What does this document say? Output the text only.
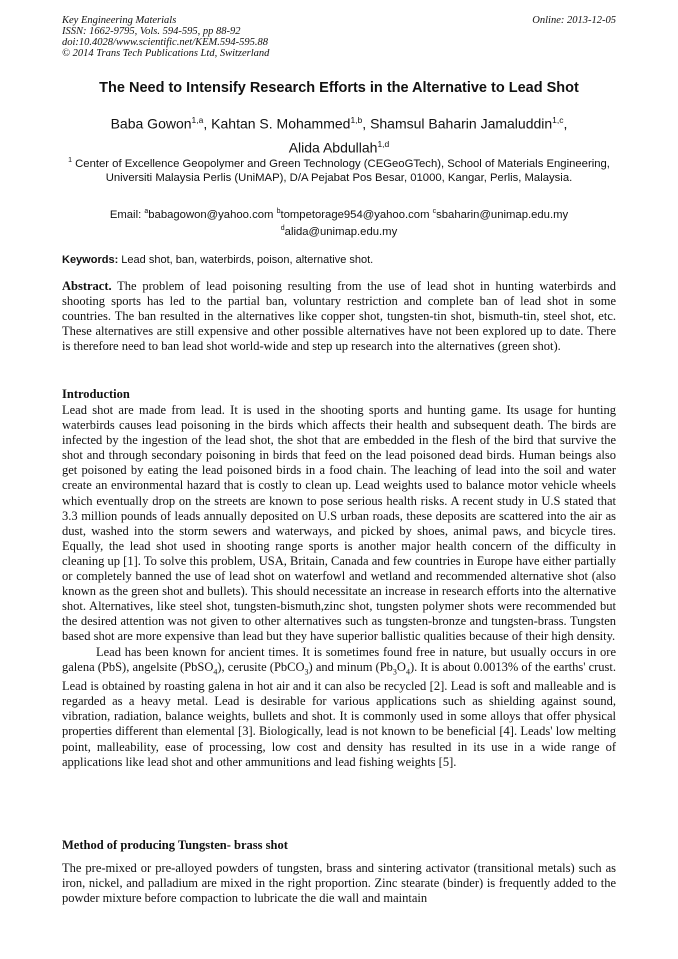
Key Engineering Materials
ISSN: 1662-9795, Vols. 594-595, pp 88-92
doi:10.4028/www.scientific.net/KEM.594-595.88
© 2014 Trans Tech Publications Ltd, Switzerland
Online: 2013-12-05
The Need to Intensify Research Efforts in the Alternative to Lead Shot
Baba Gowon$^{1,a}$, Kahtan S. Mohammed$^{1,b}$, Shamsul Baharin Jamaluddin$^{1,c}$,
Alida Abdullah$^{1,d}$
$^1$ Center of Excellence Geopolymer and Green Technology (CEGeoGTech), School of Materials Engineering, Universiti Malaysia Perlis (UniMAP), D/A Pejabat Pos Besar, 01000, Kangar, Perlis, Malaysia.
Email: $^a$babagowon@yahoo.com $^b$tompetorage954@yahoo.com $^c$sbaharin@unimap.edu.my
$^d$alida@unimap.edu.my
Keywords: Lead shot, ban, waterbirds, poison, alternative shot.

Abstract. The problem of lead poisoning resulting from the use of lead shot in hunting waterbirds and shooting sports has led to the partial ban, voluntary restriction and complete ban of lead shot in some countries. The ban resulted in the alternatives like copper shot, tungsten-tin shot, bismuth-tin, steel shot, etc. These alternatives are still expensive and other possible alternatives have not been explored up to date. There is therefore need to ban lead shot world-wide and step up research into the alternatives (green shot).

Introduction

Lead shot are made from lead. It is used in the shooting sports and hunting game. Its usage for hunting waterbirds causes lead poisoning in the birds which affects their health and subsequent death. The birds are infected by the ingestion of the lead shot, the shot that are embedded in the flesh of the bird that survive the shot and through secondary poisoning in birds that feed on the lead poisoned dead birds. Human beings also get poisoned by eating the lead poisoned birds in a food chain. The leaching of lead into the soil and water create an environmental hazard that is costly to clean up. Lead weights used to balance motor vehicle wheels which eventually drop on the streets are known to pose serious health risks. A recent study in U.S stated that 3.3 million pounds of leads annually deposited on U.S urban roads, these deposits are scattered into the air as dust, washed into the storm sewers and waterways, and picked by shoes, animal paws, and bicycle tires. Equally, the lead shot used in shooting range sports is another major health concern of the difficulty in cleaning up [1]. To solve this problem, USA, Britain, Canada and few countries in Europe have either partially or completely banned the use of lead shot on waterfowl and wetland and recommended alternative shot (also known as the green shot and bullets). This should necessitate an increase in research efforts into the alternative shot. Alternatives, like steel shot, tungsten-bismuth,zinc shot, tungsten polymer shots were recommended but the desired attention was not given to other alternatives such as tungsten-bronze and tungsten-brass. Tungsten based shot are more expensive than lead but they have superior ballistic qualities because of their high density.

Lead has been known for ancient times. It is sometimes found free in nature, but usually occurs in ore galena (PbS), angelsite (PbSO$_4$), cerusite (PbCO$_3$) and minum $(Pb_3O_4)$. It is about 0.0013% of the earths' crust. Lead is obtained by roasting galena in hot air and it can also be recycled [2]. Lead is soft and malleable and is regarded as a heavy metal. Lead is desirable for various applications such as shielding against sound, vibration, radiation, balance weights, bullets and shot. It is commonly used in some alloys that offer physical properties different than elemental [3]. Biologically, lead is not known to be beneficial [4]. Leads' low melting point, malleability, ease of processing, low cost and density has resulted in its use in a wide range of applications like lead shot and other ammunitions and lead fishing weights [5].

Method of producing Tungsten- brass shot

The pre-mixed or pre-alloyed powders of tungsten, brass and sintering activator (transitional metals) such as iron, nickel, and palladium are mixed in the right proportion. Zinc stearate (binder) is frequently added to the powder mixture before compaction to lubricate the die wall and maintain
